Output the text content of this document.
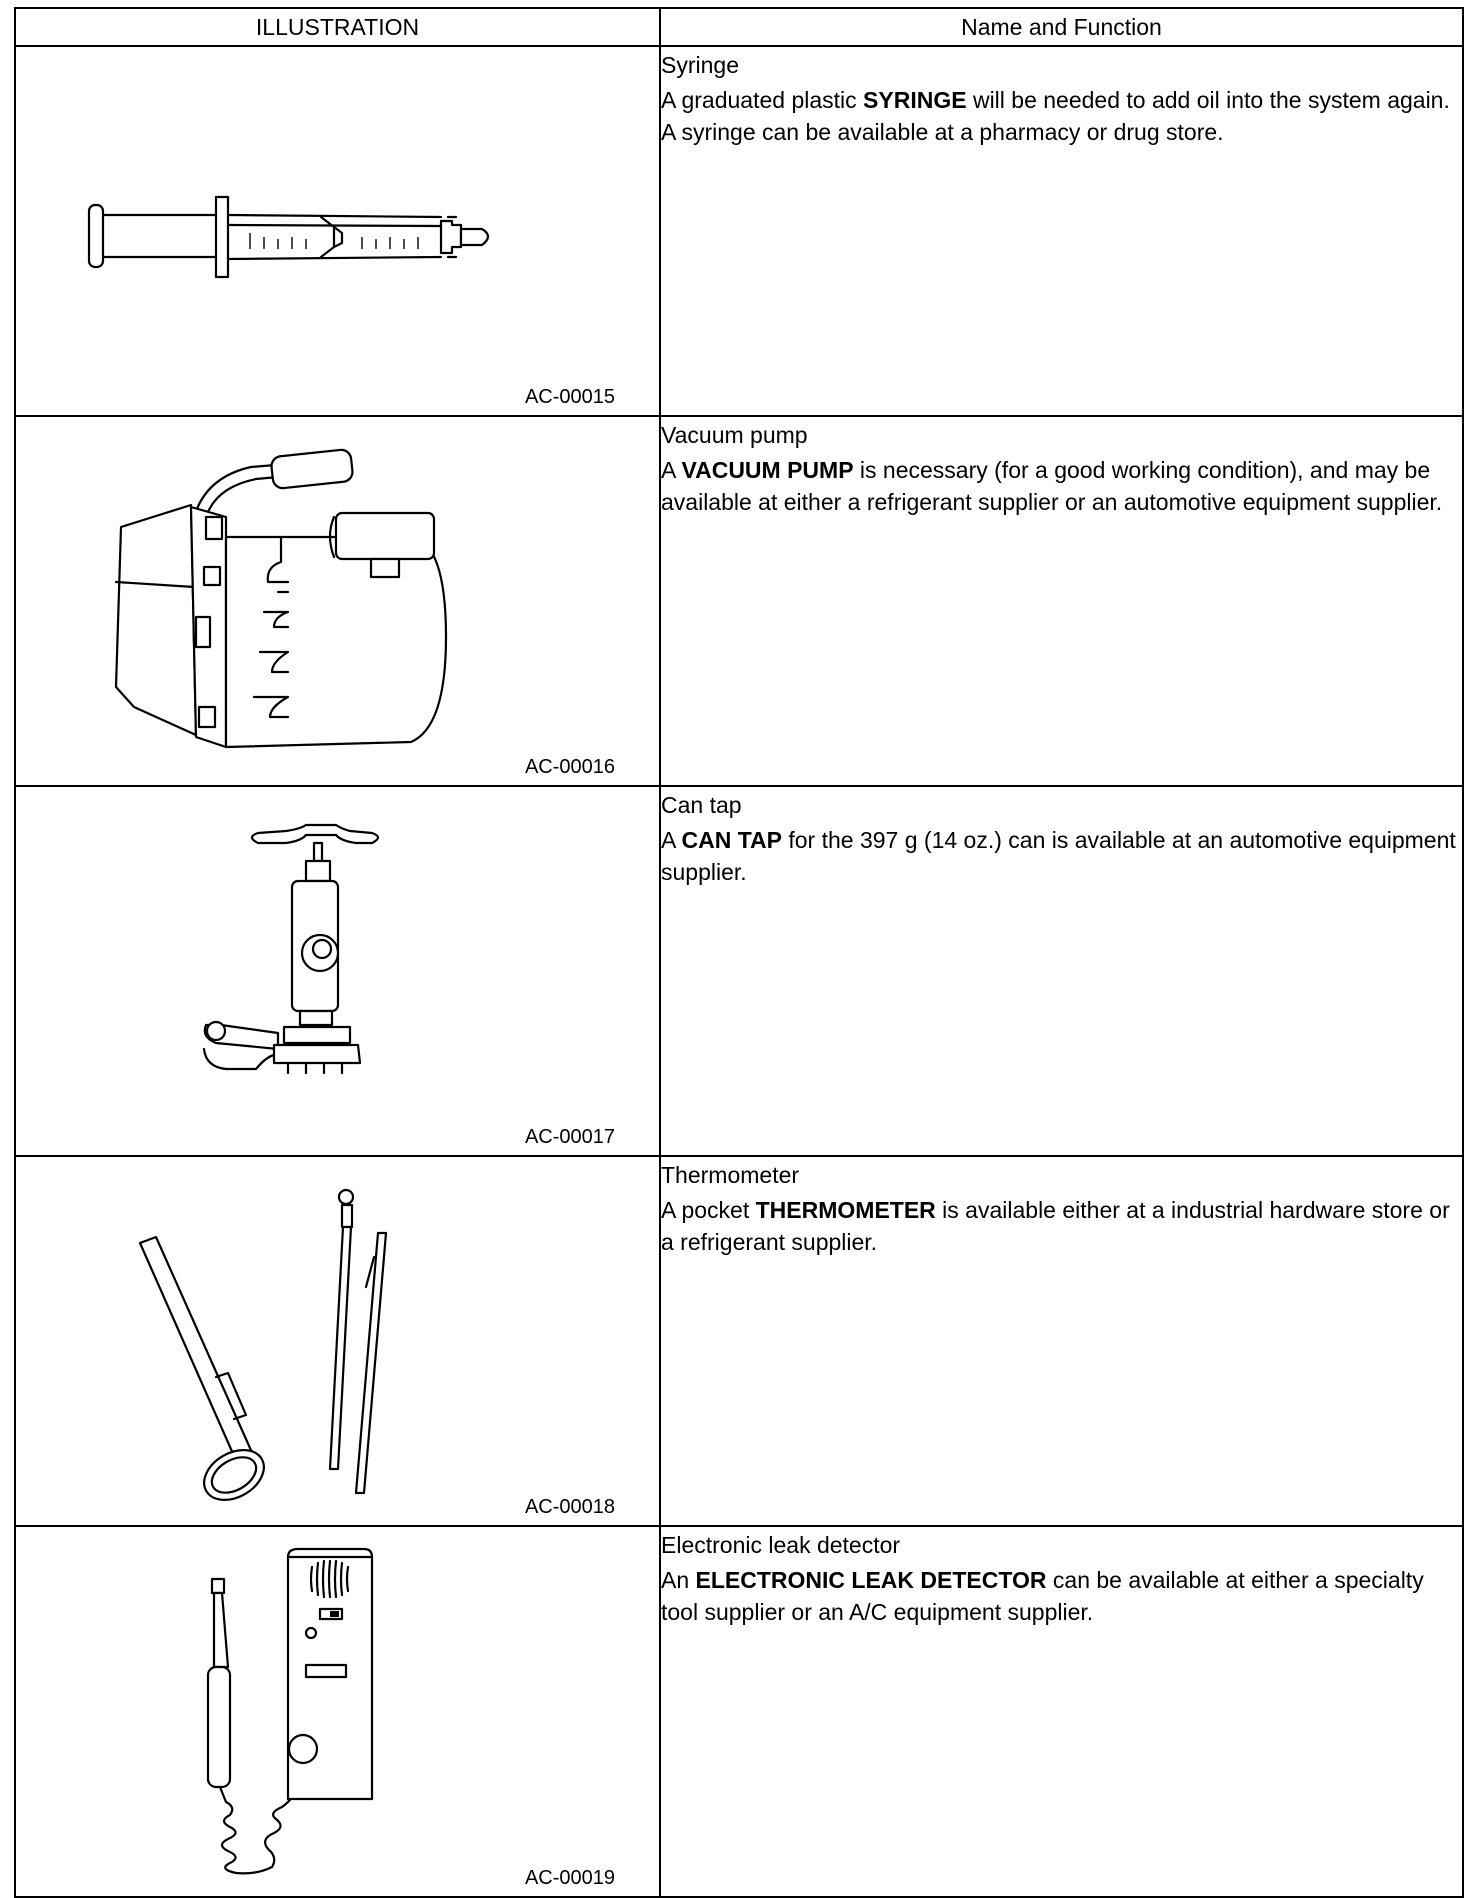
ILLUSTRATION	Name and Function

AC-00015	Syringe
A graduated plastic SYRINGE will be needed to add oil into the system again. A syringe can be available at a pharmacy or drug store.

AC-00016	Vacuum pump
A VACUUM PUMP is necessary (for a good working condition), and may be available at either a refrigerant supplier or an automotive equipment supplier.

AC-00017	Can tap
A CAN TAP for the 397 g (14 oz.) can is available at an automotive equipment supplier.

AC-00018	Thermometer
A pocket THERMOMETER is available either at a industrial hardware store or a refrigerant supplier.

AC-00019	Electronic leak detector
An ELECTRONIC LEAK DETECTOR can be available at either a specialty tool supplier or an A/C equipment supplier.
